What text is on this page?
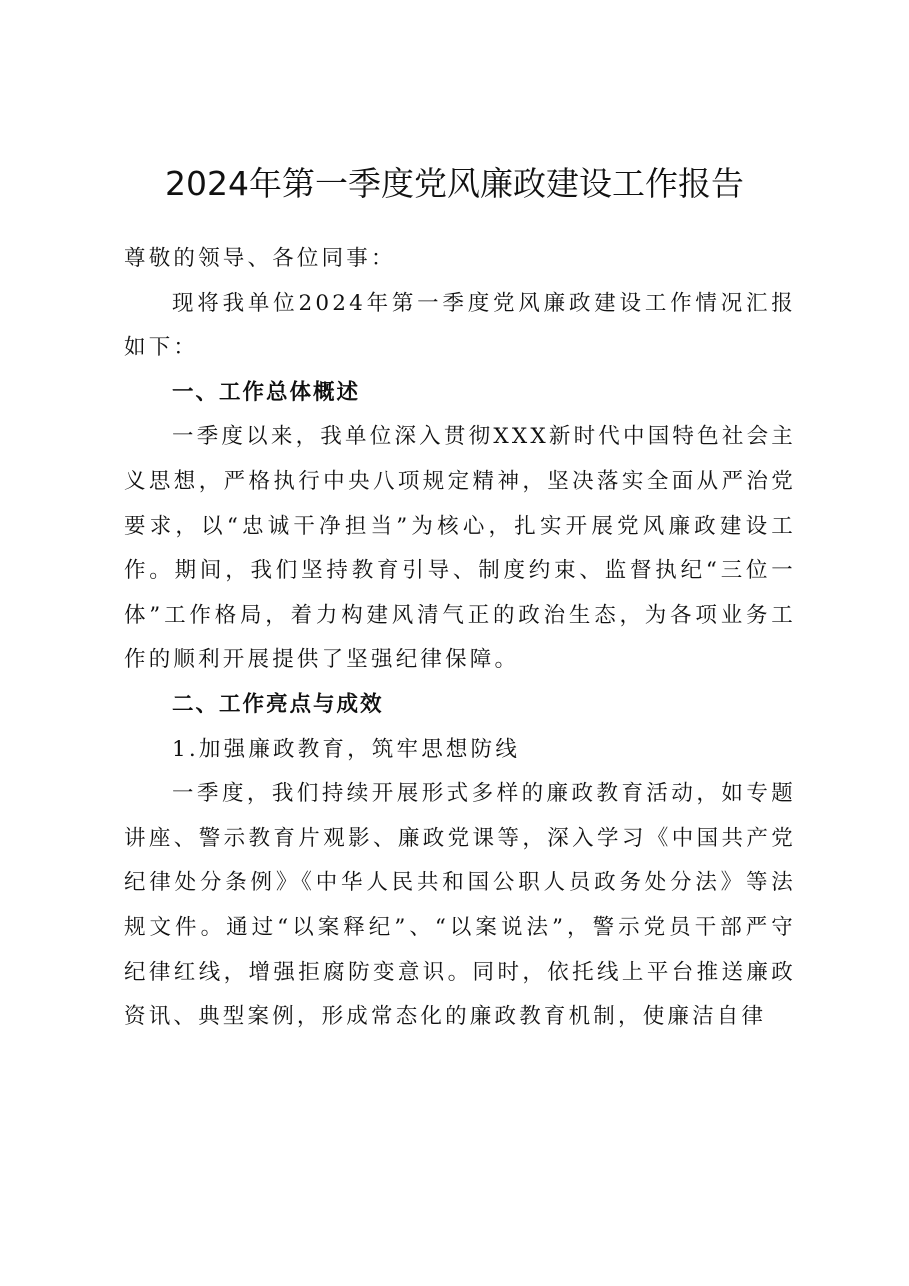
2024年第一季度党风廉政建设工作报告

尊敬的领导、各位同事：

现将我单位2024年第一季度党风廉政建设工作情况汇报如下：

一、工作总体概述

一季度以来，我单位深入贯彻XXX新时代中国特色社会主义思想，严格执行中央八项规定精神，坚决落实全面从严治党要求，以“忠诚干净担当”为核心，扎实开展党风廉政建设工作。期间，我们坚持教育引导、制度约束、监督执纪“三位一体”工作格局，着力构建风清气正的政治生态，为各项业务工作的顺利开展提供了坚强纪律保障。

二、工作亮点与成效

1.加强廉政教育，筑牢思想防线

一季度，我们持续开展形式多样的廉政教育活动，如专题讲座、警示教育片观影、廉政党课等，深入学习《中国共产党纪律处分条例》《中华人民共和国公职人员政务处分法》等法规文件。通过“以案释纪”、“以案说法”，警示党员干部严守纪律红线，增强拒腐防变意识。同时，依托线上平台推送廉政资讯、典型案例，形成常态化的廉政教育机制，使廉洁自律
